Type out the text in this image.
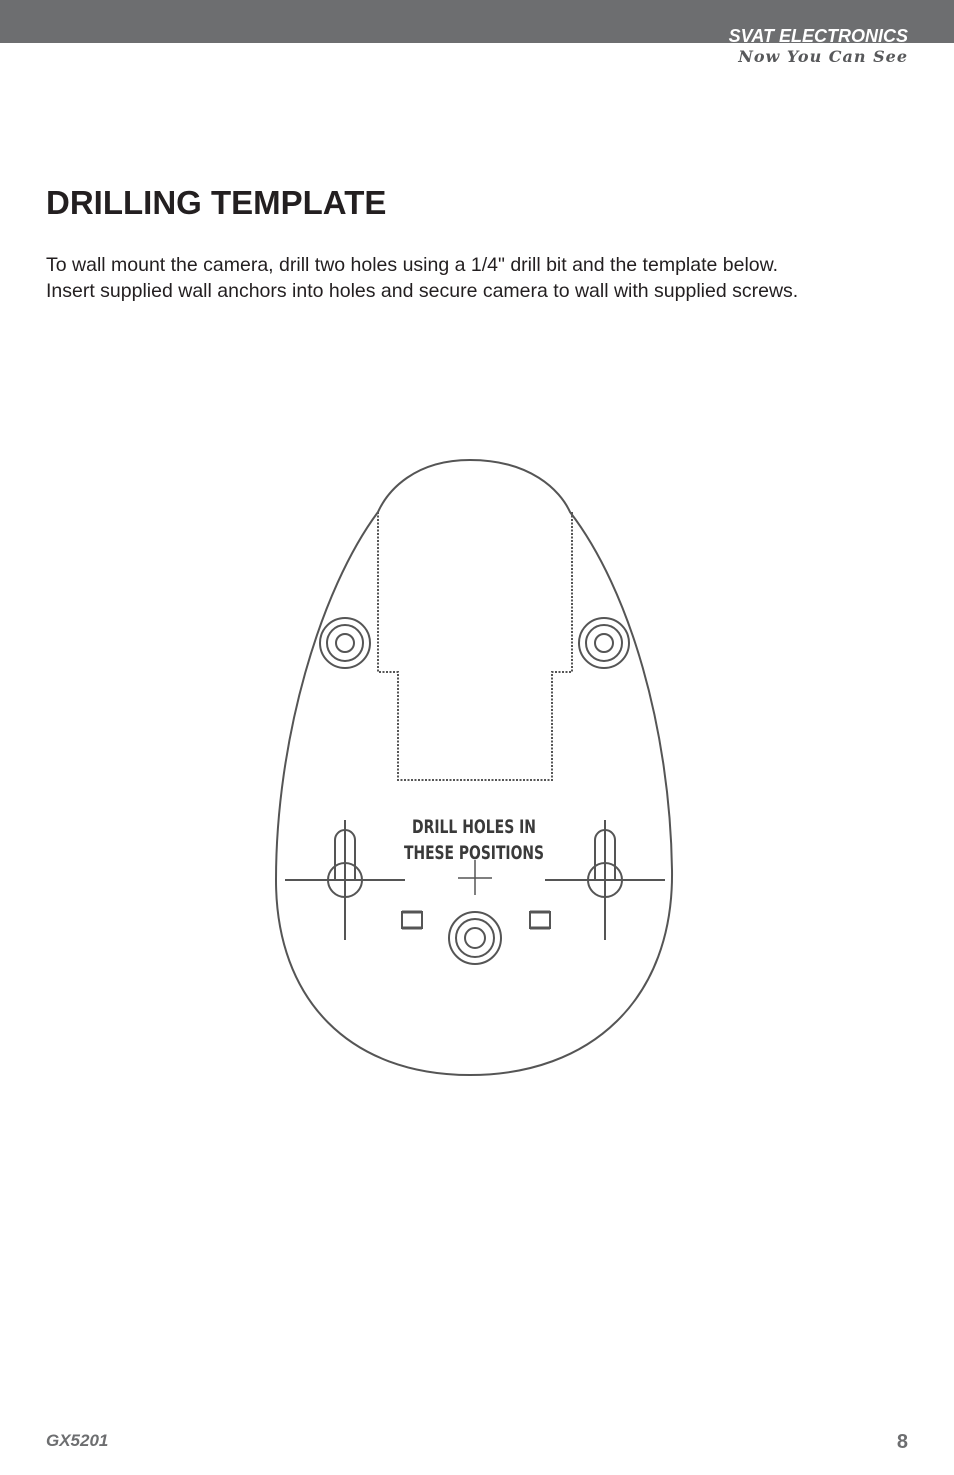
SVAT ELECTRONICS
Now You Can See
DRILLING TEMPLATE

To wall mount the camera, drill two holes using a 1/4" drill bit and the template below.
Insert supplied wall anchors into holes and secure camera to wall with supplied screws.

DRILL HOLES IN
THESE POSITIONS
GX5201	8
